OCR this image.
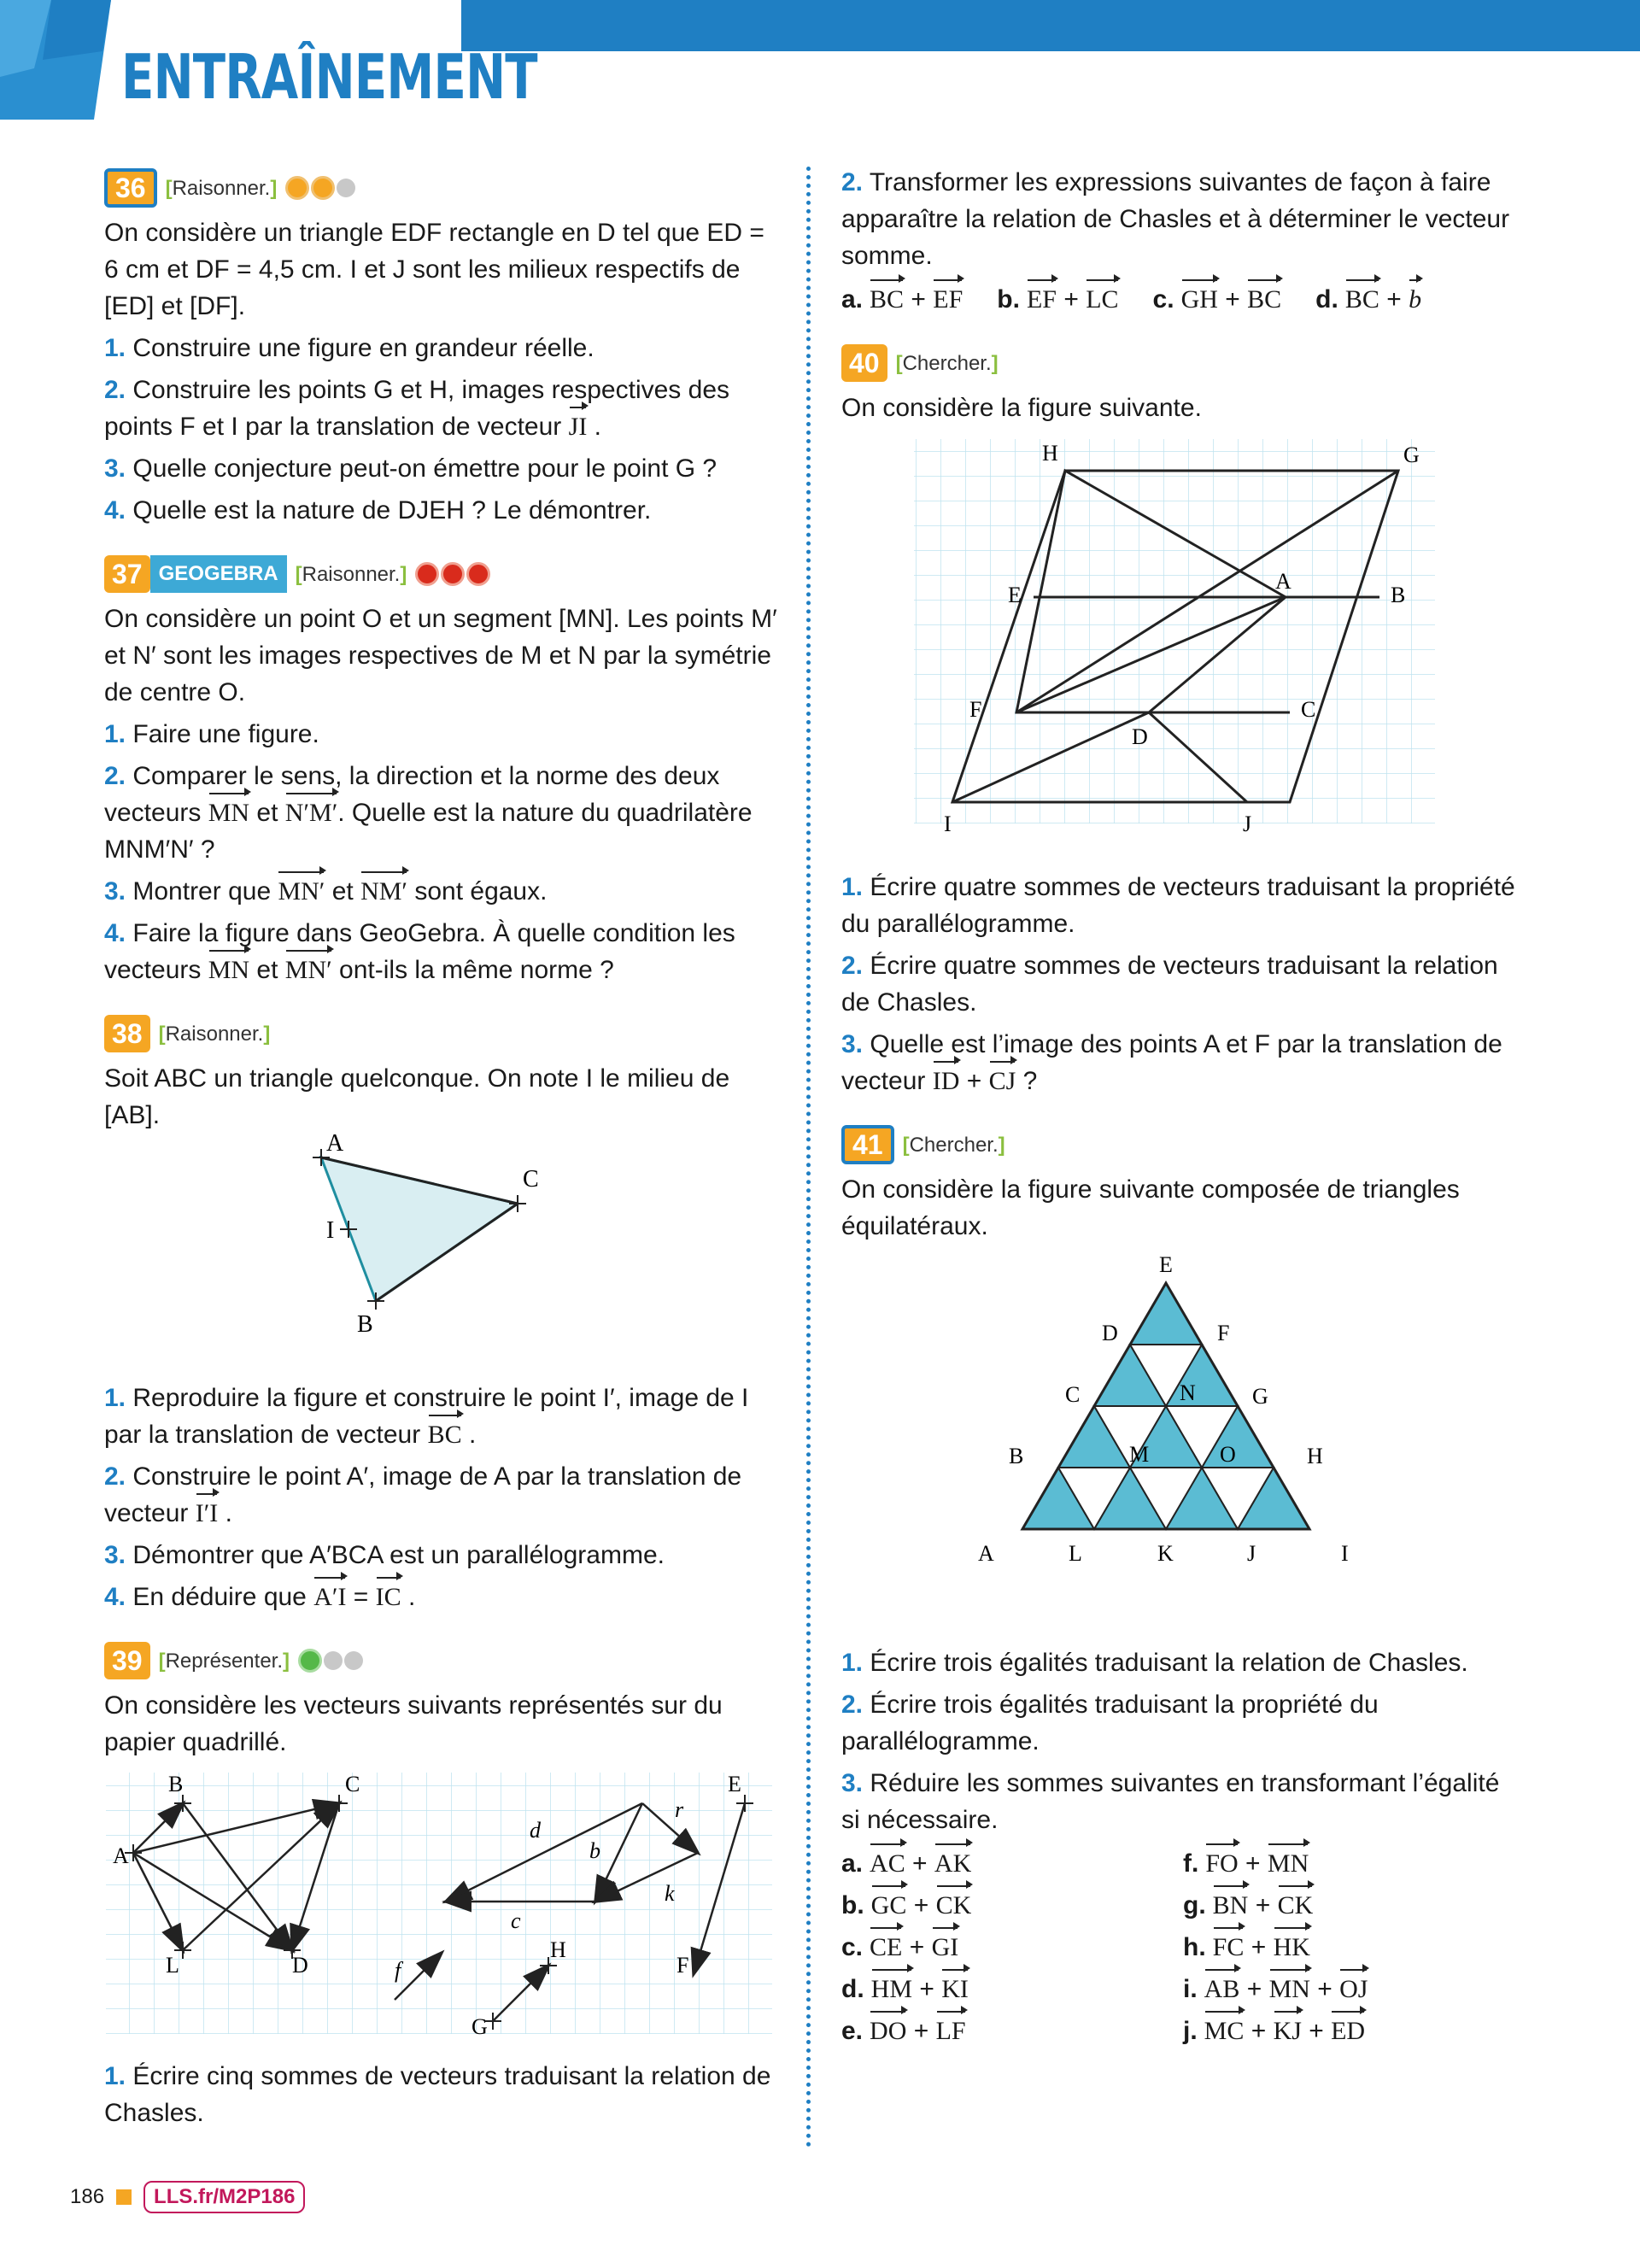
ENTRAÎNEMENT
36	[ Raisonner. ]

On considère un triangle EDF rectangle en D tel que ED = 6 cm et DF = 4,5 cm. I et J sont les milieux respectifs de [ED] et [DF].

1. Construire une figure en grandeur réelle.

2. Construire les points G et H, images respectives des points F et I par la translation de vecteur JI .

3. Quelle conjecture peut-on émettre pour le point G ?

4. Quelle est la nature de DJEH ? Le démontrer.

37 GEOGEBRA	[ Raisonner. ]

On considère un point O et un segment [MN]. Les points M′ et N′ sont les images respectives de M et N par la symétrie de centre O.

1. Faire une figure.

2. Comparer le sens, la direction et la norme des deux vecteurs MN et N′M′. Quelle est la nature du quadrilatère MNM′N′ ?

3. Montrer que MN′ et NM′ sont égaux.

4. Faire la figure dans GeoGebra. À quelle condition les vecteurs MN et MN′ ont-ils la même norme ?

38	[ Raisonner. ]

Soit ABC un triangle quelconque. On note I le milieu de [AB].

A
C
B
I

1. Reproduire la figure et construire le point I′, image de I par la translation de vecteur BC .

2. Construire le point A′, image de A par la translation de vecteur I′I .

3. Démontrer que A′BCA est un parallélogramme.

4. En déduire que A′I = IC .

39	[ Représenter. ]

On considère les vecteurs suivants représentés sur du papier quadrillé.

A
B	C
L	D
E
F
G
H
d
b
r
k
c
f

1. Écrire cinq sommes de vecteurs traduisant la relation de Chasles.

2. Transformer les expressions suivantes de façon à faire apparaître la relation de Chasles et à déterminer le vecteur somme.

a. BC + EF b. EF + LC c. GH + BC d. BC + b
40	[ Chercher. ]

On considère la figure suivante.

H	G
E
A
B
F	C
D
I	J

1. Écrire quatre sommes de vecteurs traduisant la propriété du parallélogramme.

2. Écrire quatre sommes de vecteurs traduisant la relation de Chasles.

3. Quelle est l’image des points A et F par la translation de vecteur ID + CJ ?

41	[ Chercher. ]

On considère la figure suivante composée de triangles équilatéraux.

E
D	F
C	N	G
B	M	O	H
A	L	K	J	I

1. Écrire trois égalités traduisant la relation de Chasles.

2. Écrire trois égalités traduisant la propriété du parallélogramme.

3. Réduire les sommes suivantes en transformant l’égalité si nécessaire.

a. AC + AK	f. FO + MN
b. GC + CK	g. BN + CK
c. CE + GI	h. FC + HK
d. HM + KI	i. AB + MN + OJ
e. DO + LF	j. MC + KJ + ED
186	LLS.fr/M2P186
